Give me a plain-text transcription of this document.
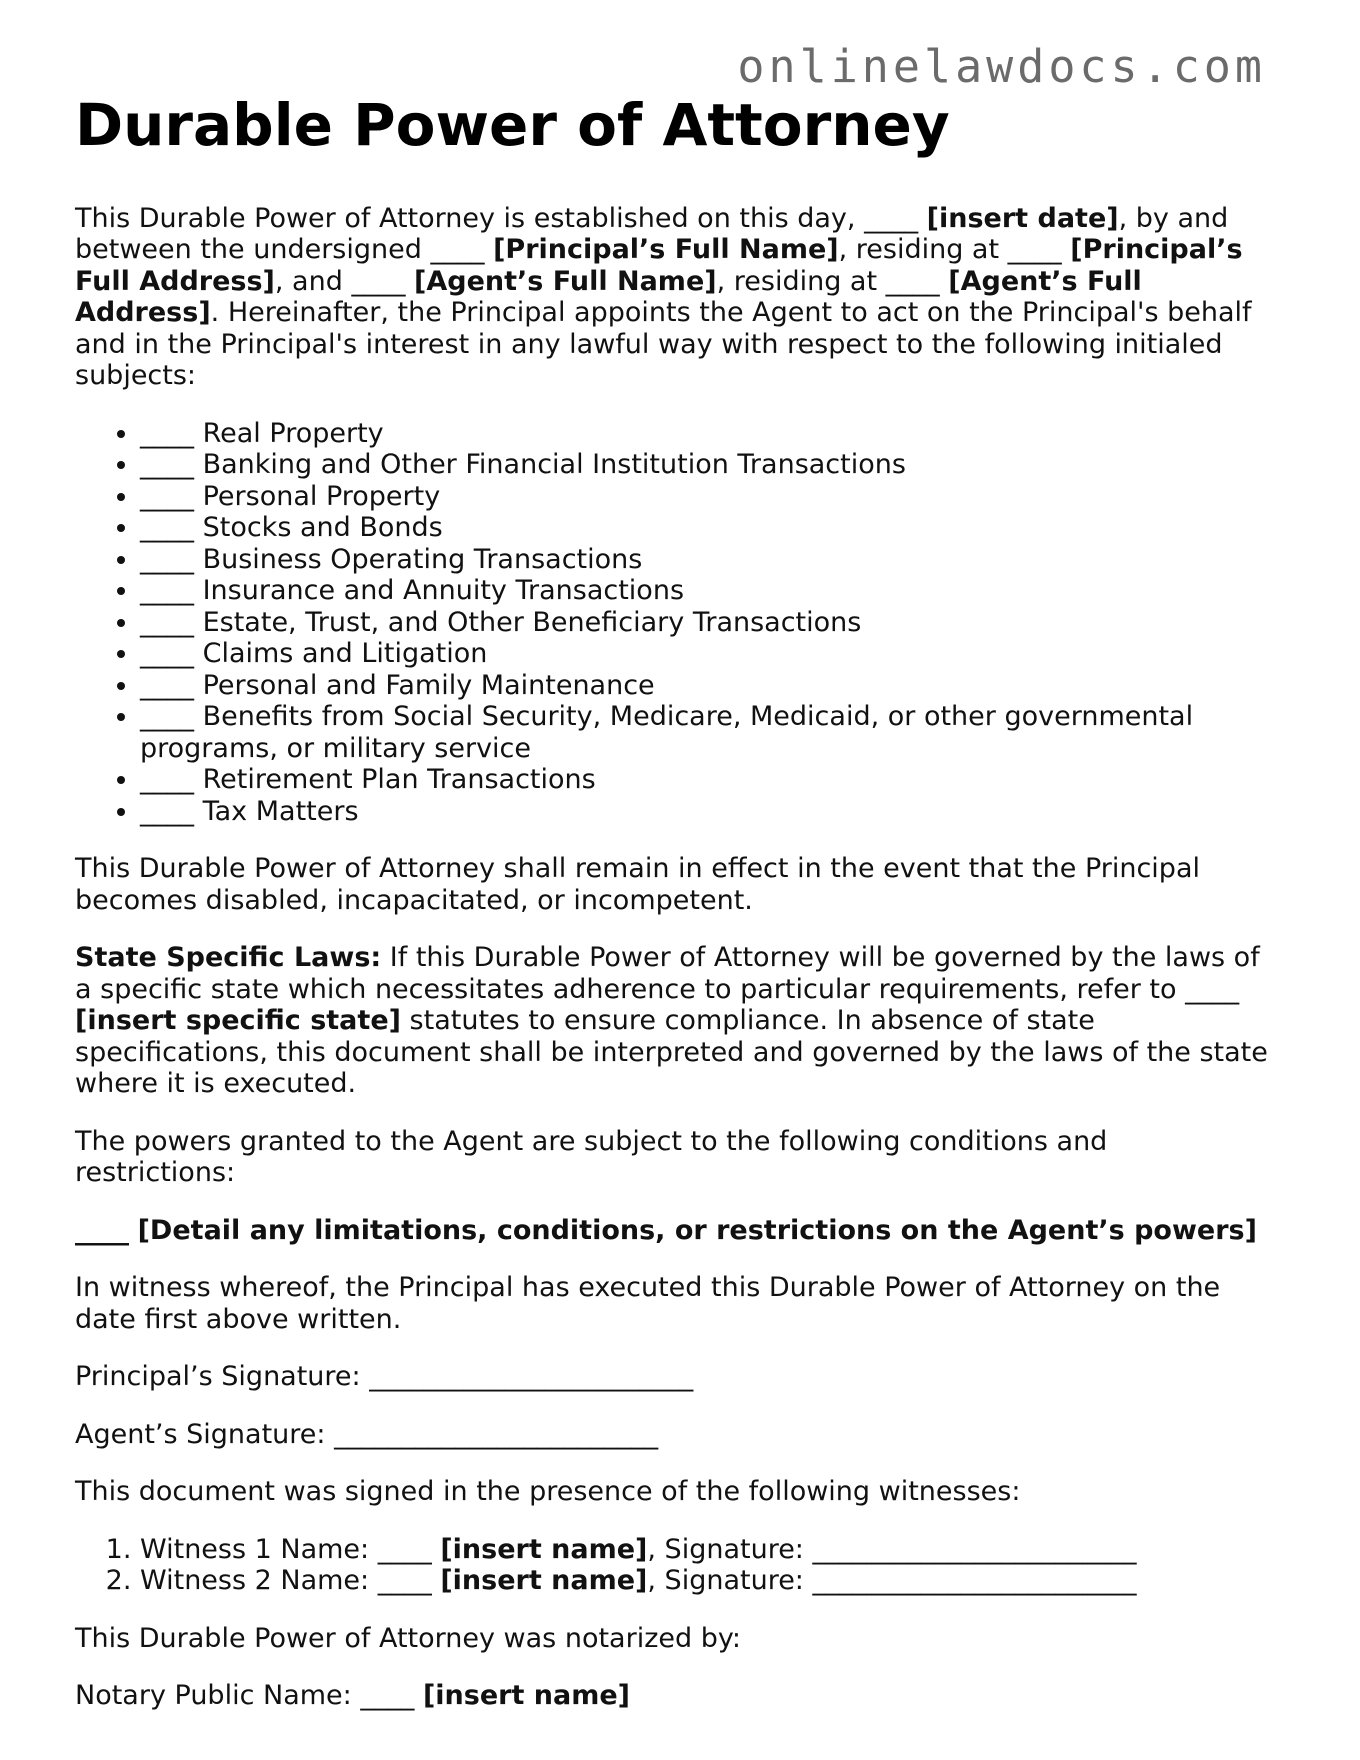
onlinelawdocs.com
Durable Power of Attorney

This Durable Power of Attorney is established on this day, ____ [insert date], by and between the undersigned ____ [Principal’s Full Name], residing at ____ [Principal’s Full Address], and ____ [Agent’s Full Name], residing at ____ [Agent’s Full Address]. Hereinafter, the Principal appoints the Agent to act on the Principal's behalf and in the Principal's interest in any lawful way with respect to the following initialed subjects:

• ____ Real Property
• ____ Banking and Other Financial Institution Transactions
• ____ Personal Property
• ____ Stocks and Bonds
• ____ Business Operating Transactions
• ____ Insurance and Annuity Transactions
• ____ Estate, Trust, and Other Beneficiary Transactions
• ____ Claims and Litigation
• ____ Personal and Family Maintenance
• ____ Benefits from Social Security, Medicare, Medicaid, or other governmental programs, or military service
• ____ Retirement Plan Transactions
• ____ Tax Matters

This Durable Power of Attorney shall remain in effect in the event that the Principal becomes disabled, incapacitated, or incompetent.

State Specific Laws: If this Durable Power of Attorney will be governed by the laws of a specific state which necessitates adherence to particular requirements, refer to ____ [insert specific state] statutes to ensure compliance. In absence of state specifications, this document shall be interpreted and governed by the laws of the state where it is executed.

The powers granted to the Agent are subject to the following conditions and restrictions:

____ [Detail any limitations, conditions, or restrictions on the Agent’s powers]

In witness whereof, the Principal has executed this Durable Power of Attorney on the date first above written.

Principal’s Signature: ________________________

Agent’s Signature: ________________________

This document was signed in the presence of the following witnesses:

1. Witness 1 Name: ____ [insert name], Signature: ________________________
2. Witness 2 Name: ____ [insert name], Signature: ________________________

This Durable Power of Attorney was notarized by:

Notary Public Name: ____ [insert name]
